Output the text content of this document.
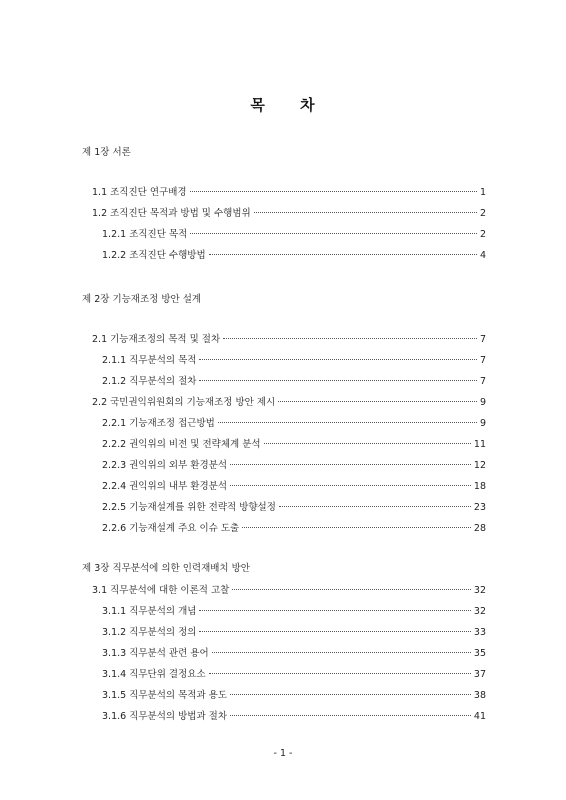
목 차
제 1장 서론
1.1 조직진단 연구배경	1
1.2 조직진단 목적과 방법 및 수행범위	2
1.2.1 조직진단 목적	2
1.2.2 조직진단 수행방법	4
제 2장 기능재조정 방안 설계
2.1 기능재조정의 목적 및 절차	7
2.1.1 직무분석의 목적	7
2.1.2 직무분석의 절차	7
2.2 국민권익위원회의 기능재조정 방안 제시	9
2.2.1 기능재조정 접근방법	9
2.2.2 권익위의 비전 및 전략체계 분석	11
2.2.3 권익위의 외부 환경분석	12
2.2.4 권익위의 내부 환경분석	18
2.2.5 기능재설계를 위한 전략적 방향설정	23
2.2.6 기능재설계 주요 이슈 도출	28
제 3장 직무분석에 의한 인력재배치 방안
3.1 직무분석에 대한 이론적 고찰	32
3.1.1 직무분석의 개념	32
3.1.2 직무분석의 정의	33
3.1.3 직무분석 관련 용어	35
3.1.4 직무단위 결정요소	37
3.1.5 직무분석의 목적과 용도	38
3.1.6 직무분석의 방법과 절차	41
- 1 -
